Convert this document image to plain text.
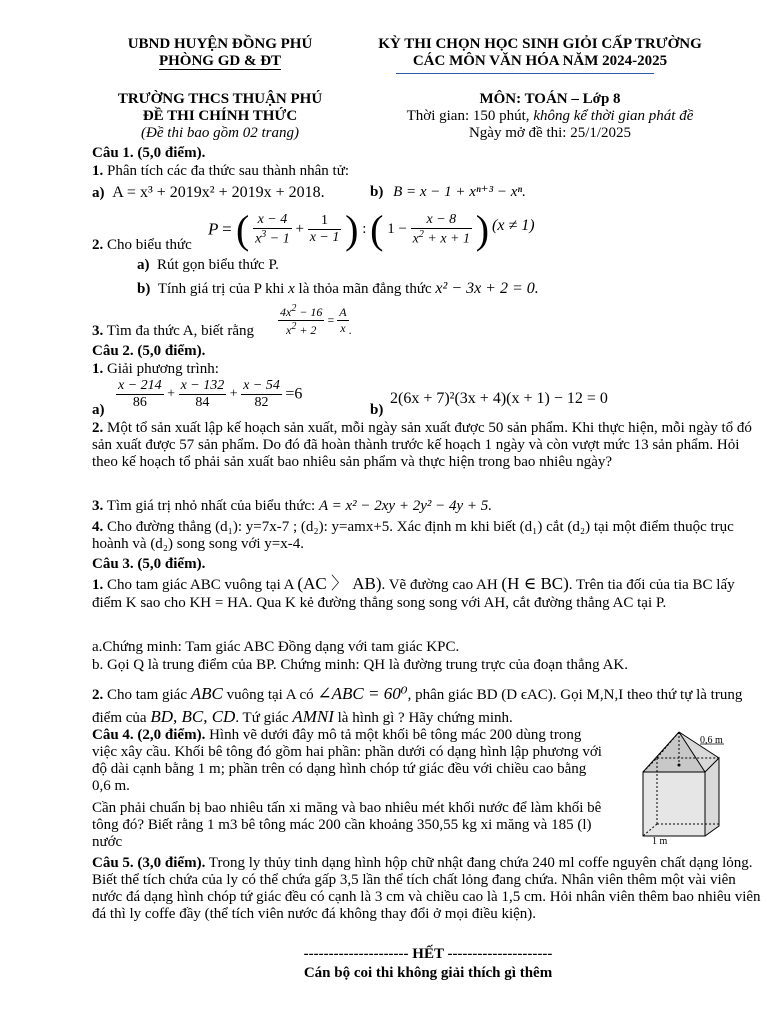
UBND HUYỆN ĐỒNG PHÚ
PHÒNG GD & ĐT
KỲ THI CHỌN HỌC SINH GIỎI CẤP TRƯỜNG
CÁC MÔN VĂN HÓA NĂM 2024-2025
TRƯỜNG THCS THUẬN PHÚ
ĐỀ THI CHÍNH THỨC
(Đề thi bao gồm 02 trang)
MÔN: TOÁN – Lớp 8
Thời gian: 150 phút, không kể thời gian phát đề
Ngày mở đề thi: 25/1/2025
Câu 1. (5,0 điểm).
1. Phân tích các đa thức sau thành nhân tử:
a) A = x³ + 2019x² + 2019x + 2018.	b) B = x − 1 + xⁿ⁺³ − xⁿ.
P = ( $\frac{x - 4}{x^3 - 1} + \frac{1}{x - 1}$ ) : ( $1 - \frac{x - 8}{x^2 + x + 1}$ ) (x ≠ 1)
2. Cho biểu thức
a) Rút gọn biểu thức P.
b) Tính giá trị của P khi x là thỏa mãn đẳng thức x² − 3x + 2 = 0.
3. Tìm đa thức A, biết rằng	$\frac{4x^2 - 16}{x^2 + 2} = \frac{A}{x}$ .
Câu 2. (5,0 điểm).
1. Giải phương trình:
$\frac{x - 214}{86} + \frac{x - 132}{84} + \frac{x - 54}{82} =6$
a)	b)
2(6x + 7)²(3x + 4)(x + 1) − 12 = 0
2. Một tổ sản xuất lập kế hoạch sản xuất, mỗi ngày sản xuất được 50 sản phẩm. Khi thực hiện, mỗi ngày tổ đó sản xuất được 57 sản phẩm. Do đó đã hoàn thành trước kế hoạch 1 ngày và còn vượt mức 13 sản phẩm. Hỏi theo kế hoạch tổ phải sản xuất bao nhiêu sản phẩm và thực hiện trong bao nhiêu ngày?
3. Tìm giá trị nhỏ nhất của biểu thức: A = x² − 2xy + 2y² − 4y + 5.
4. Cho đường thẳng (d₁): y=7x-7 ; (d₂): y=amx+5. Xác định m khi biết (d₁) cắt (d₂) tại một điểm thuộc trục hoành và (d₂) song song với y=x-4.
Câu 3. (5,0 điểm).
1. Cho tam giác ABC vuông tại A (AC 〉 AB). Vẽ đường cao AH (H ∈ BC). Trên tia đối của tia BC lấy điểm K sao cho KH = HA. Qua K kẻ đường thẳng song song với AH, cắt đường thẳng AC tại P.
a.Chứng minh: Tam giác ABC Đồng dạng với tam giác KPC.
b. Gọi Q là trung điểm của BP. Chứng minh: QH là đường trung trực của đoạn thẳng AK.
2. Cho tam giác ABC vuông tại A có ∠ABC = 60⁰, phân giác BD (D ϵAC). Gọi M,N,I theo thứ tự là trung điểm của BD, BC, CD. Tứ giác AMNI là hình gì ? Hãy chứng minh.
Câu 4. (2,0 điểm). Hình vẽ dưới đây mô tả một khối bê tông mác 200 dùng trong việc xây cầu. Khối bê tông đó gồm hai phần: phần dưới có dạng hình lập phương với độ dài cạnh bằng 1 m; phần trên có dạng hình chóp tứ giác đều với chiều cao bằng 0,6 m.
Cần phải chuẩn bị bao nhiêu tấn xi măng và bao nhiêu mét khối nước để làm khối bê tông đó? Biết rằng 1 m3 bê tông mác 200 cần khoảng 350,55 kg xi măng và 185 (l) nước
0,6 m
1 m
Câu 5. (3,0 điểm). Trong ly thủy tinh dạng hình hộp chữ nhật đang chứa 240 ml coffe nguyên chất dạng lỏng. Biết thể tích chứa của ly có thể chứa gấp 3,5 lần thể tích chất lỏng đang chứa. Nhân viên thêm một vài viên nước đá dạng hình chóp tứ giác đều có cạnh là 3 cm và chiều cao là 1,5 cm. Hỏi nhân viên thêm bao nhiêu viên đá thì ly coffe đầy (thể tích viên nước đá không thay đổi ở mọi điều kiện).
--------------------- HẾT ---------------------
Cán bộ coi thi không giải thích gì thêm
